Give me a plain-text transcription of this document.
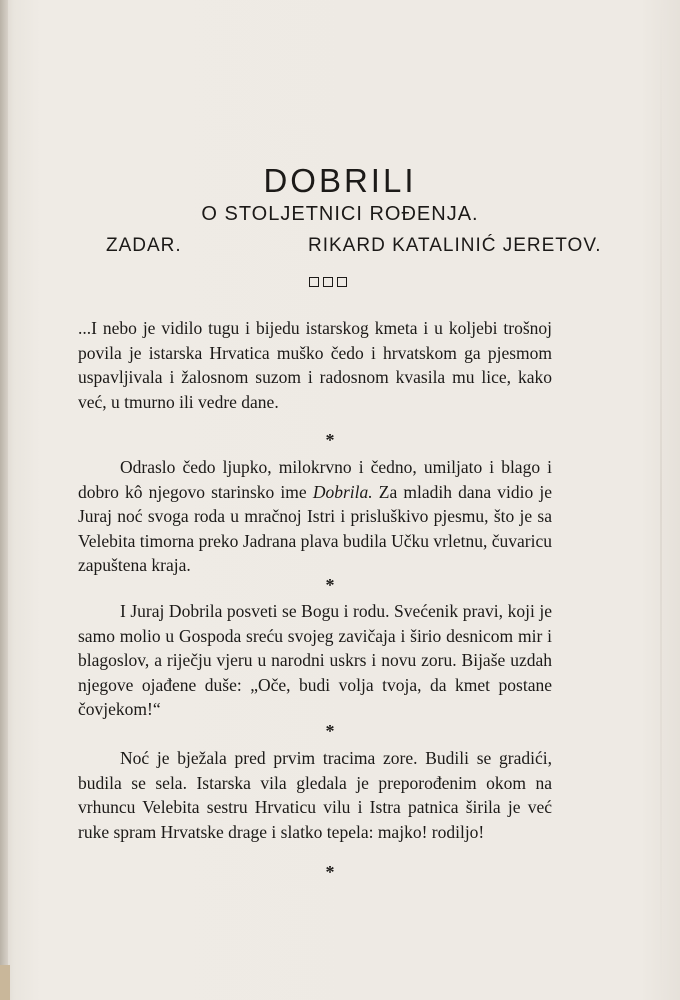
DOBRILI
O STOLJETNICI ROĐENJA.
ZADAR.	RIKARD KATALINIĆ JERETOV.

...I nebo je vidilo tugu i bijedu istarskog kmeta i u koljebi trošnoj povila je istarska Hrvatica muško čedo i hrvatskom ga pjesmom uspavljivala i žalosnom suzom i radosnom kvasila mu lice, kako već, u tmurno ili vedre dane.

*

Odraslo čedo ljupko, milokrvno i čedno, umiljato i blago i dobro kô njegovo starinsko ime Dobrila. Za mladih dana vidio je Juraj noć svoga roda u mračnoj Istri i prisluškivo pjesmu, što je sa Velebita timorna preko Jadrana plava budila Učku vrletnu, čuvaricu zapuštena kraja.

*

I Juraj Dobrila posveti se Bogu i rodu. Svećenik pravi, koji je samo molio u Gospoda sreću svojeg zavičaja i širio desnicom mir i blagoslov, a riječju vjeru u narodni uskrs i novu zoru. Bijaše uzdah njegove ojađene duše: „Oče, budi volja tvoja, da kmet postane čovjekom!“

*

Noć je bježala pred prvim tracima zore. Budili se gradići, budila se sela. Istarska vila gledala je preporođenim okom na vrhuncu Velebita sestru Hrvaticu vilu i Istra patnica širila je već ruke spram Hrvatske drage i slatko tepela: majko! rodiljo!

*
